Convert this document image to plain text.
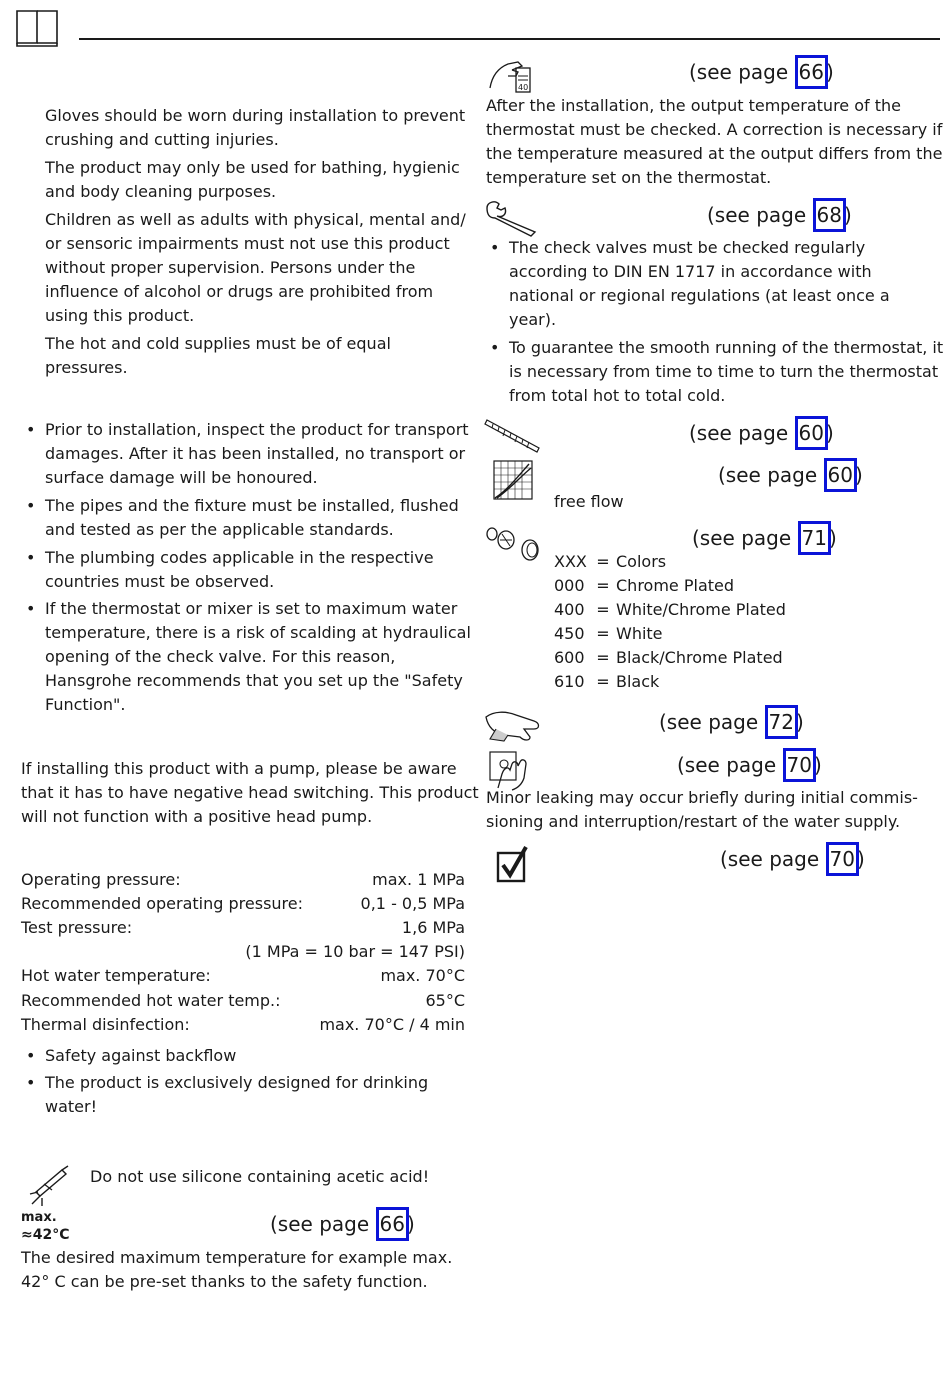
Gloves should be worn during installation to prevent
crushing and cutting injuries.
The product may only be used for bathing, hygienic
and body cleaning purposes.
Children as well as adults with physical, mental and/
or sensoric impairments must not use this product
without proper supervision. Persons under the
influence of alcohol or drugs are prohibited from
using this product.
The hot and cold supplies must be of equal
pressures.
• Prior to installation, inspect the product for transport
damages. After it has been installed, no transport or
surface damage will be honoured.
• The pipes and the fixture must be installed, flushed
and tested as per the applicable standards.
• The plumbing codes applicable in the respective
countries must be observed.
• If the thermostat or mixer is set to maximum water
temperature, there is a risk of scalding at hydraulical
opening of the check valve. For this reason,
Hansgrohe recommends that you set up the "Safety
Function".
If installing this product with a pump, please be aware
that it has to have negative head switching. This product
will not function with a positive head pump.
Operating pressure:	max. 1 MPa
Recommended operating pressure:	0,1 - 0,5 MPa
Test pressure:	1,6 MPa
(1 MPa = 10 bar = 147 PSI)
Hot water temperature:	max. 70°C
Recommended hot water temp.:	65°C
Thermal disinfection:	max. 70°C / 4 min
• Safety against backflow
• The product is exclusively designed for drinking
water!
Do not use silicone containing acetic acid!
max.
≈42°C	(see page 66 )
The desired maximum temperature for example max.
42° C can be pre-set thanks to the safety function.
40
(see page 66 )
After the installation, the output temperature of the
thermostat must be checked. A correction is necessary if
the temperature measured at the output differs from the
temperature set on the thermostat.
(see page 68 )
• The check valves must be checked regularly
according to DIN EN 1717 in accordance with
national or regional regulations (at least once a
year).
• To guarantee the smooth running of the thermostat, it
is necessary from time to time to turn the thermostat
from total hot to total cold.
(see page 60 )
(see page 60 )
free flow
(see page 71 )
XXX = Colors
000 = Chrome Plated
400 = White/Chrome Plated
450 = White
600 = Black/Chrome Plated
610 = Black
(see page 72 )
(see page 70 )
Minor leaking may occur briefly during initial commis-
sioning and interruption/restart of the water supply.
(see page 70 )
